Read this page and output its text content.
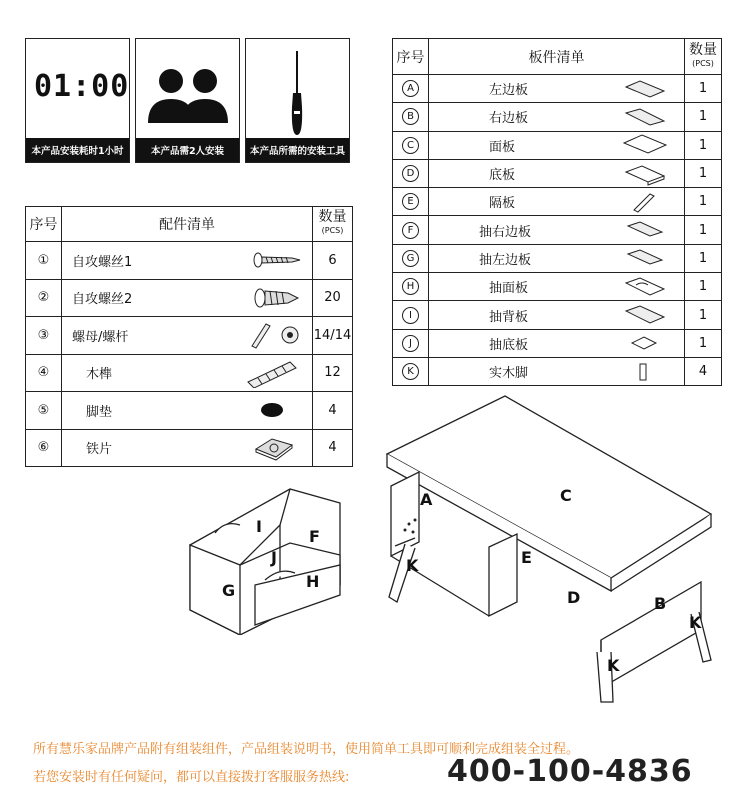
01:00
本产品安装耗时1小时	本产品需2人安装	本产品所需的安装工具
序号	配件清单	数量
(PCS)

①	自攻螺丝1	6
②	自攻螺丝2	20
③	螺母/螺杆	14/14
④	木榫	12
⑤	脚垫	4
⑥	铁片	4
序号	板件清单	数量
(PCS)

A	左边板	1
B	右边板	1
C	面板	1
D	底板	1
E	隔板	1
F	抽右边板	1
G	抽左边板	1
H	抽面板	1
I	抽背板	1
J	抽底板	1
K	实木脚	4
I
F
J
G	H
A	C
E
K
D	B
K
K
所有慧乐家品牌产品附有组装组件，产品组装说明书，使用简单工具即可顺利完成组装全过程。
若您安装时有任何疑问，都可以直接拨打客服服务热线:	400-100-4836
